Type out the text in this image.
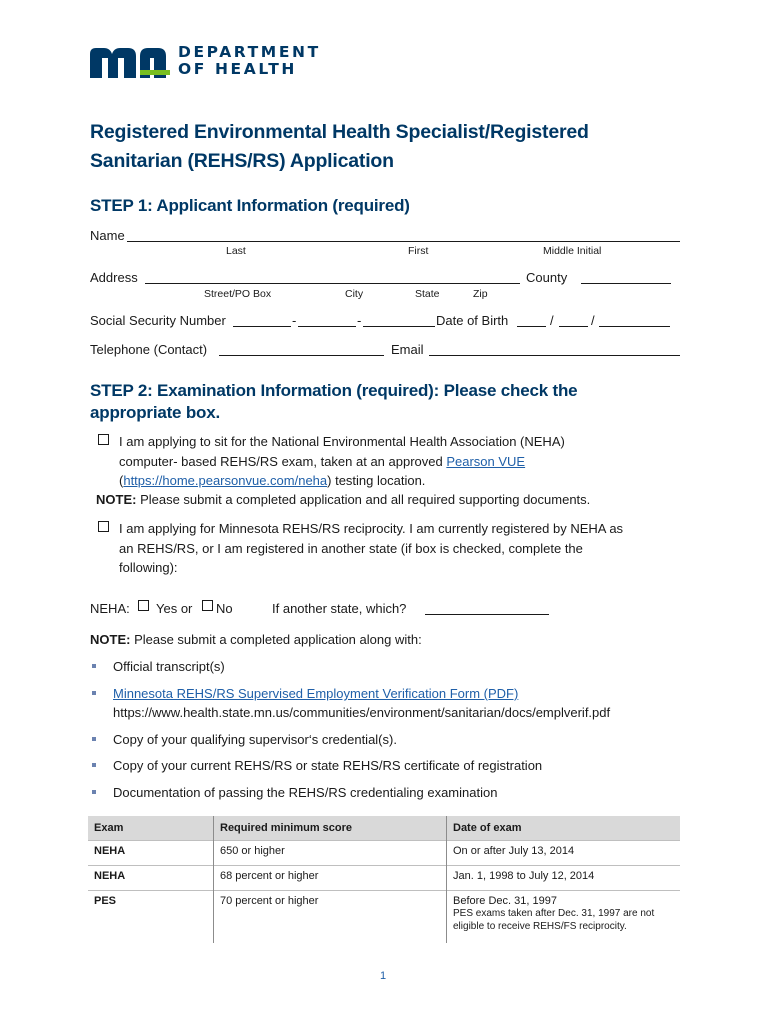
DEPARTMENT
OF HEALTH
Registered Environmental Health Specialist/Registered
Sanitarian (REHS/RS) Application
STEP 1: Applicant Information (required)
Name
Last	First	Middle Initial
Address	County
Street/PO Box	City	State	Zip
Social Security Number	-	-	Date of Birth	/	/
Telephone (Contact)	Email
STEP 2: Examination Information (required): Please check the
appropriate box.
I am applying to sit for the National Environmental Health Association (NEHA)
computer- based REHS/RS exam, taken at an approved Pearson VUE
(https://home.pearsonvue.com/neha) testing location.
NOTE: Please submit a completed application and all required supporting documents.
I am applying for Minnesota REHS/RS reciprocity. I am currently registered by NEHA as
an REHS/RS, or I am registered in another state (if box is checked, complete the
following):
NEHA: Yes or No	If another state, which?
NOTE: Please submit a completed application along with:
Official transcript(s)
Minnesota REHS/RS Supervised Employment Verification Form (PDF)
https://www.health.state.mn.us/communities/environment/sanitarian/docs/emplverif.pdf
Copy of your qualifying supervisor‘s credential(s).
Copy of your current REHS/RS or state REHS/RS certificate of registration
Documentation of passing the REHS/RS credentialing examination
Exam	Required minimum score	Date of exam
NEHA	650 or higher	On or after July 13, 2014
NEHA	68 percent or higher	Jan. 1, 1998 to July 12, 2014
PES	70 percent or higher	Before Dec. 31, 1997
PES exams taken after Dec. 31, 1997 are not
eligible to receive REHS/FS reciprocity.
1
